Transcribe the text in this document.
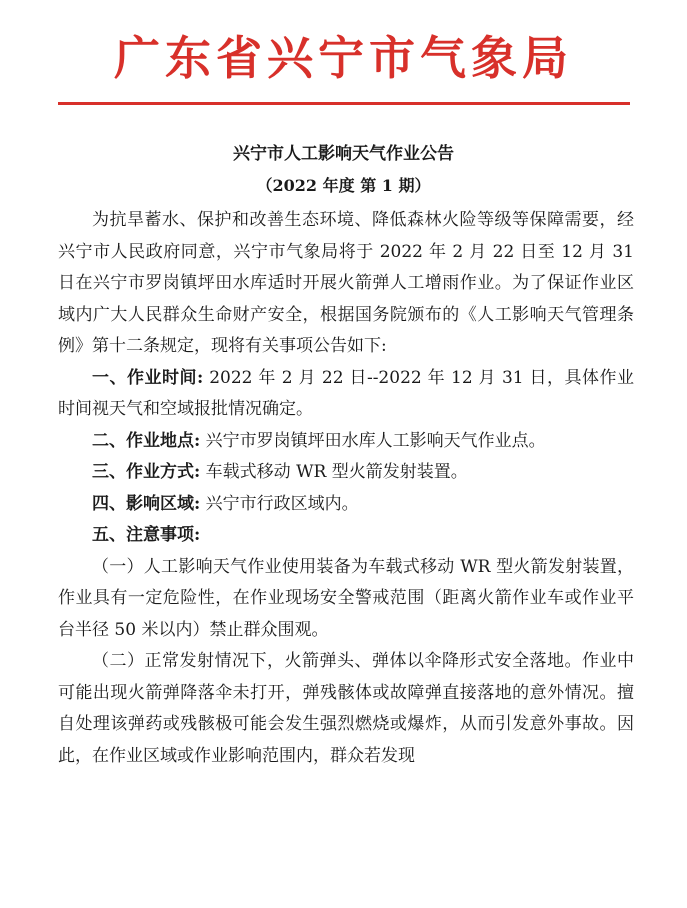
广东省兴宁市气象局
兴宁市人工影响天气作业公告
（2022 年度 第 1 期）

为抗旱蓄水、保护和改善生态环境、降低森林火险等级等保障需要，经兴宁市人民政府同意，兴宁市气象局将于 2022 年 2 月 22 日至 12 月 31 日在兴宁市罗岗镇坪田水库适时开展火箭弹人工增雨作业。为了保证作业区域内广大人民群众生命财产安全，根据国务院颁布的《人工影响天气管理条例》第十二条规定，现将有关事项公告如下:

一、作业时间: 2022 年 2 月 22 日--2022 年 12 月 31 日，具体作业时间视天气和空域报批情况确定。

二、作业地点: 兴宁市罗岗镇坪田水库人工影响天气作业点。

三、作业方式: 车载式移动 WR 型火箭发射装置。

四、影响区域: 兴宁市行政区域内。

五、注意事项:

（一）人工影响天气作业使用装备为车载式移动 WR 型火箭发射装置，作业具有一定危险性，在作业现场安全警戒范围（距离火箭作业车或作业平台半径 50 米以内）禁止群众围观。

（二）正常发射情况下，火箭弹头、弹体以伞降形式安全落地。作业中可能出现火箭弹降落伞未打开，弹残骸体或故障弹直接落地的意外情况。擅自处理该弹药或残骸极可能会发生强烈燃烧或爆炸，从而引发意外事故。因此，在作业区域或作业影响范围内，群众若发现
